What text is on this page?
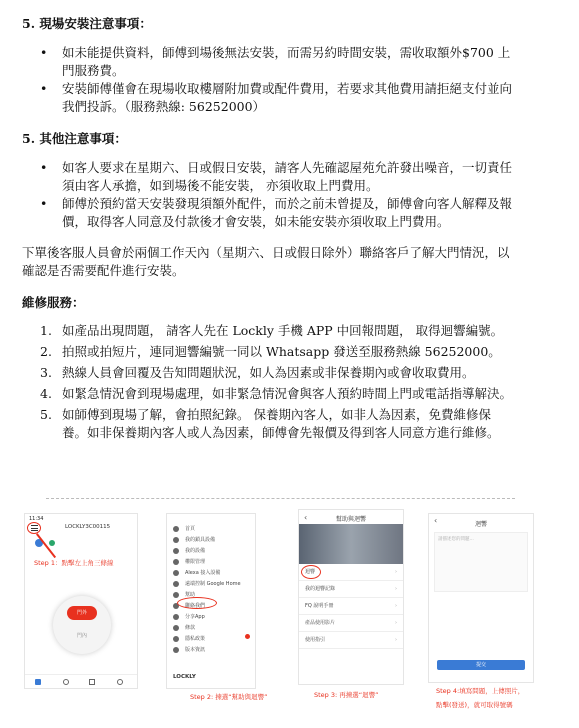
5. 現場安裝注意事項：
• 如未能提供資料，師傅到場後無法安裝，而需另約時間安裝，需收取額外$700 上
門服務費。
• 安裝師傅僅會在現場收取樓層附加費或配件費用，若要求其他費用請拒絕支付並向
我們投訴。（服務熱線: 56252000）
5. 其他注意事項：
• 如客人要求在星期六、日或假日安裝，請客人先確認屋苑允許發出噪音，一切責任
須由客人承擔，如到場後不能安裝， 亦須收取上門費用。
• 師傅於預約當天安裝發現須額外配件，而於之前未曾提及，師傅會向客人解釋及報
價，取得客人同意及付款後才會安裝，如未能安裝亦須收取上門費用。
下單後客服人員會於兩個工作天內（星期六、日或假日除外）聯絡客戶了解大門情況，以
確認是否需要配件進行安裝。
維修服務：
1. 如產品出現問題， 請客人先在 Lockly 手機 APP 中回報問題， 取得迴響編號。
2. 拍照或拍短片，連同迴響編號一同以 Whatsapp 發送至服務熱線 56252000。
3. 熱線人員會回覆及告知問題狀況，如人為因素或非保養期內或會收取費用。
4. 如緊急情況會到現場處理，如非緊急情況會與客人預約時間上門或電話指導解決。
5. 如師傅到現場了解，會拍照紀錄。 保養期內客人，如非人為因素，免費維修保
養。如非保養期內客人或人為因素，師傅會先報價及得到客人同意方進行維修。
11:34
LOCKLY3C00115
門外
門內
Step 1：點擊左上角三條線
首頁
我的鎖具設備
我的設備
權限管理
Alexa 接入設備
遠端控制 Google Home
幫助
聯絡我們
分享App
條款
隱私政策
版本資訊
LOCKLY
Step 2: 揀選“幫助與迴響”
幫助與迴響
‹
迴響 ›
我的迴響記錄 ›
FQ 說明手冊 ›
產品使用影片 ›
使用指引 ›
Step 3: 再揀選“迴響”
‹	迴響
請描述您的問題...
提交
Step 4:填寫問題，上傳照片，
點擊(發送)，就可取得號碼
